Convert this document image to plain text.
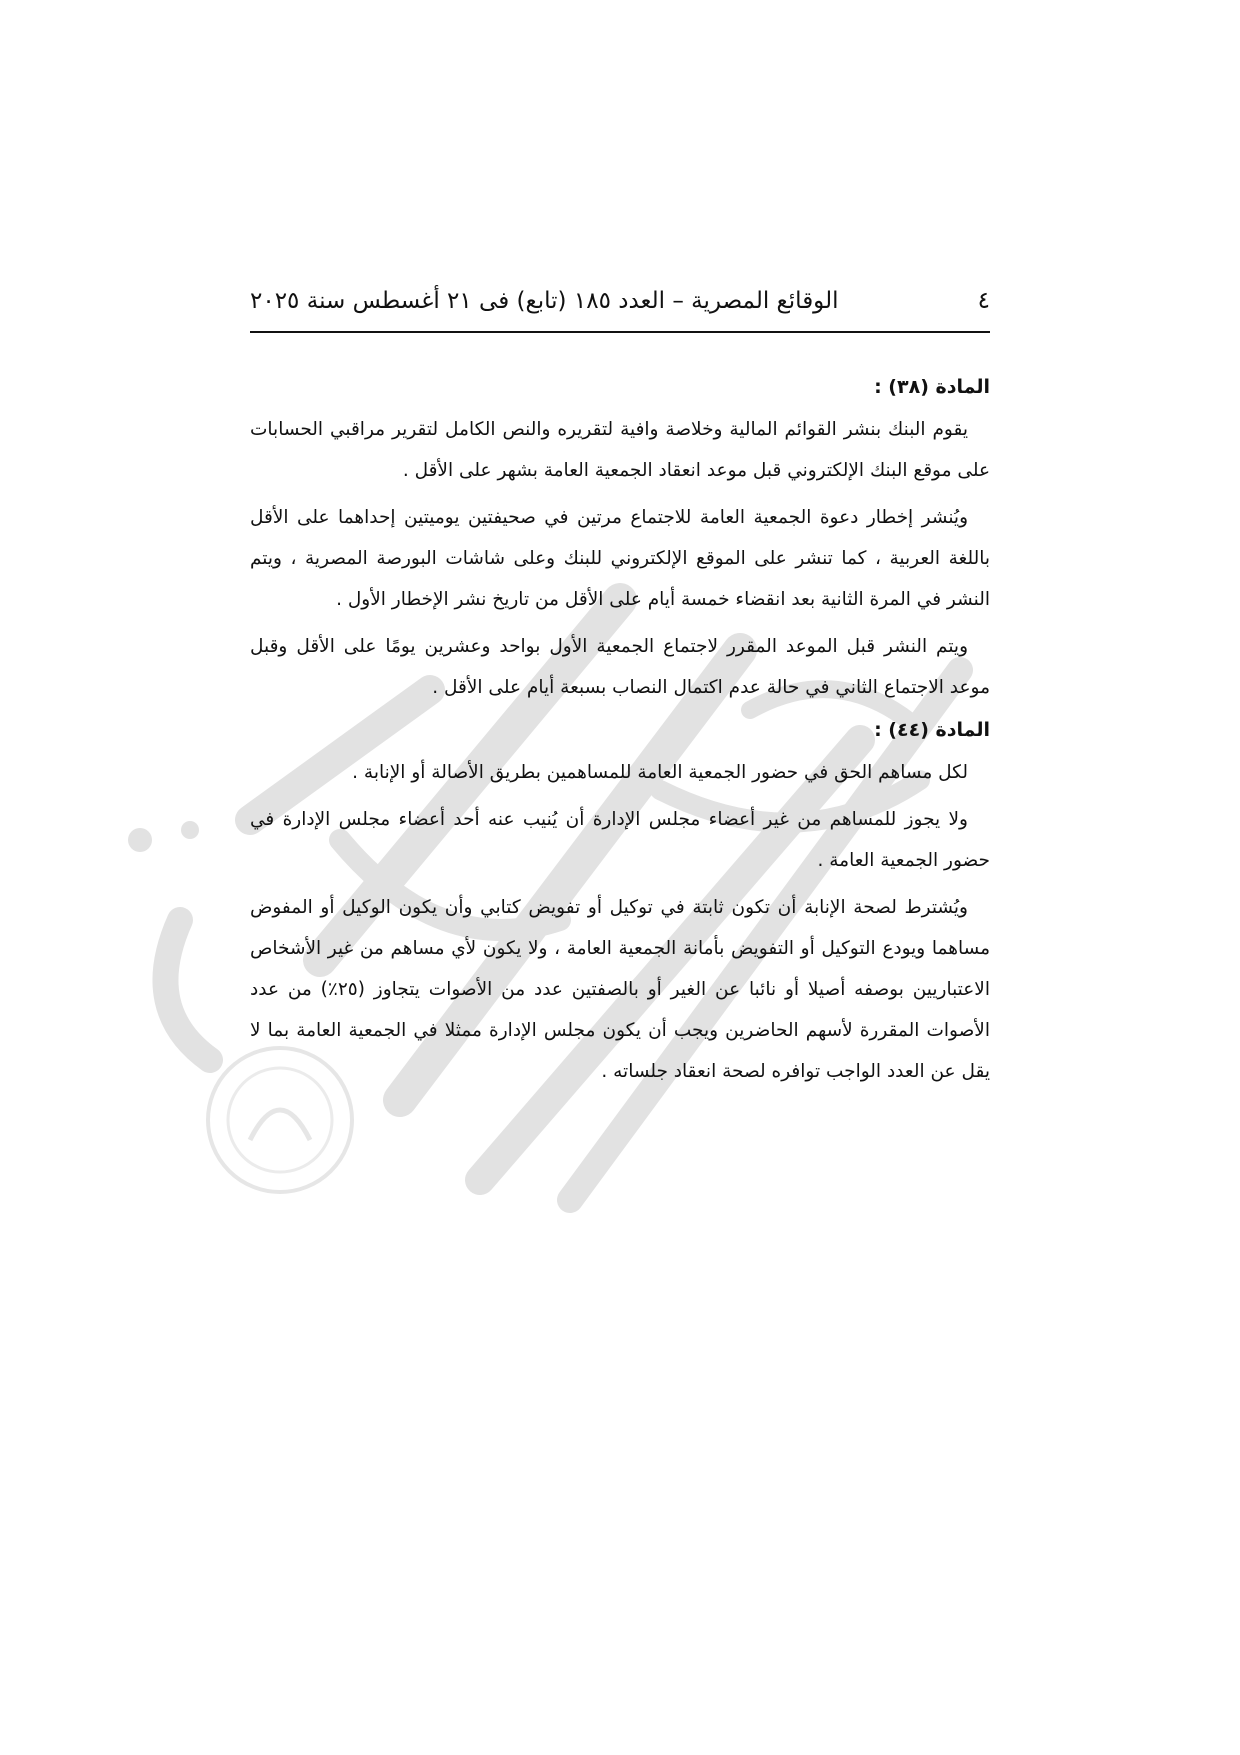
٤
الوقائع المصرية – العدد ١٨٥ (تابع) فى ٢١ أغسطس سنة ٢٠٢٥
المادة (٣٨) :

يقوم البنك بنشر القوائم المالية وخلاصة وافية لتقريره والنص الكامل لتقرير مراقبي الحسابات على موقع البنك الإلكتروني قبل موعد انعقاد الجمعية العامة بشهر على الأقل .

ويُنشر إخطار دعوة الجمعية العامة للاجتماع مرتين في صحيفتين يوميتين إحداهما على الأقل باللغة العربية ، كما تنشر على الموقع الإلكتروني للبنك وعلى شاشات البورصة المصرية ، ويتم النشر في المرة الثانية بعد انقضاء خمسة أيام على الأقل من تاريخ نشر الإخطار الأول .

ويتم النشر قبل الموعد المقرر لاجتماع الجمعية الأول بواحد وعشرين يومًا على الأقل وقبل موعد الاجتماع الثاني في حالة عدم اكتمال النصاب بسبعة أيام على الأقل .

المادة (٤٤) :

لكل مساهم الحق في حضور الجمعية العامة للمساهمين بطريق الأصالة أو الإنابة .

ولا يجوز للمساهم من غير أعضاء مجلس الإدارة أن يُنيب عنه أحد أعضاء مجلس الإدارة في حضور الجمعية العامة .

ويُشترط لصحة الإنابة أن تكون ثابتة في توكيل أو تفويض كتابي وأن يكون الوكيل أو المفوض مساهما ويودع التوكيل أو التفويض بأمانة الجمعية العامة ، ولا يكون لأي مساهم من غير الأشخاص الاعتباريين بوصفه أصيلا أو نائبا عن الغير أو بالصفتين عدد من الأصوات يتجاوز (٢٥٪) من عدد الأصوات المقررة لأسهم الحاضرين ويجب أن يكون مجلس الإدارة ممثلا في الجمعية العامة بما لا يقل عن العدد الواجب توافره لصحة انعقاد جلساته .
